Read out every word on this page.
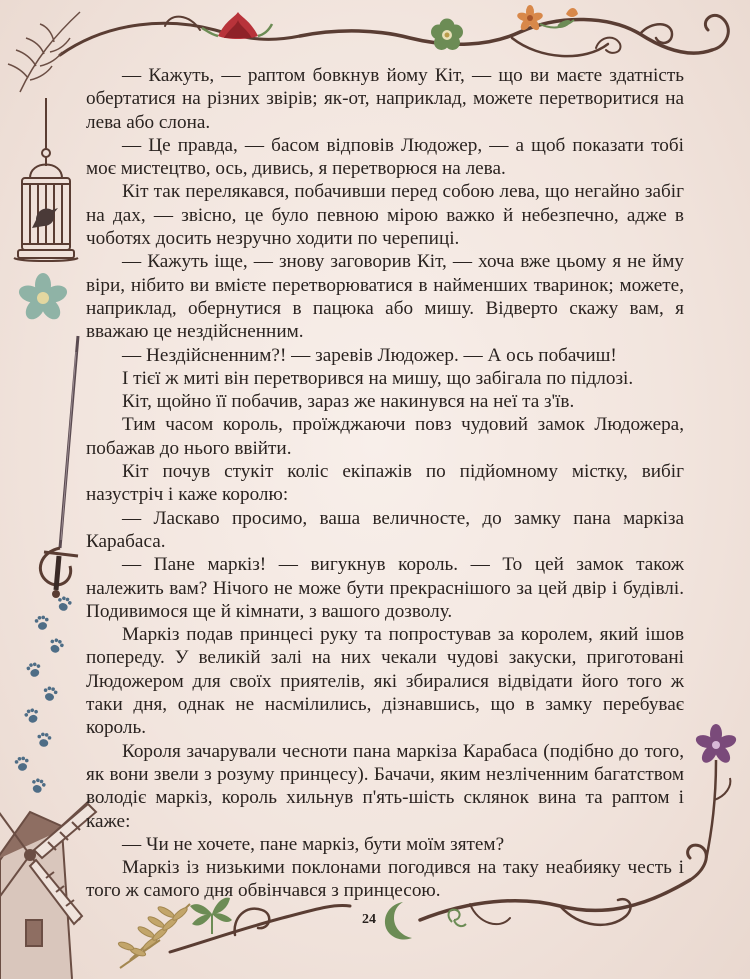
— Кажуть, — раптом бовкнув йому Кіт, — що ви маєте здатність обертатися на різних звірів; як-от, наприклад, можете перетворитися на лева або слона.

— Це правда, — басом відповів Людожер, — а щоб показати тобі моє мистецтво, ось, дивись, я перетворюся на лева.

Кіт так перелякався, побачивши перед собою лева, що негайно забіг на дах, — звісно, це було певною мірою важко й небезпечно, адже в чоботях досить незручно ходити по черепиці.

— Кажуть іще, — знову заговорив Кіт, — хоча вже цьому я не йму віри, нібито ви вмієте перетворюватися в найменших тваринок; можете, наприклад, обернутися в пацюка або мишу. Відверто скажу вам, я вважаю це нездійсненним.

— Нездійсненним?! — заревів Людожер. — А ось побачиш!

І тієї ж миті він перетворився на мишу, що забігала по підлозі.

Кіт, щойно її побачив, зараз же накинувся на неї та з'їв.

Тим часом король, проїжджаючи повз чудовий замок Людожера, побажав до нього ввійти.

Кіт почув стукіт коліс екіпажів по підйомному містку, вибіг назустріч і каже королю:

— Ласкаво просимо, ваша величносте, до замку пана маркіза Карабаса.

— Пане маркіз! — вигукнув король. — То цей замок також належить вам? Нічого не може бути прекраснішого за цей двір і будівлі. Подивимося ще й кімнати, з вашого дозволу.

Маркіз подав принцесі руку та попростував за королем, який ішов попереду. У великій залі на них чекали чудові закуски, приготовані Людожером для своїх приятелів, які збиралися відвідати його того ж таки дня, однак не насмілились, дізнавшись, що в замку перебуває король.

Короля зачарували чесноти пана маркіза Карабаса (подібно до того, як вони звели з розуму принцесу). Бачачи, яким незліченним багатством володіє маркіз, король хильнув п'ять-шість склянок вина та раптом і каже:

— Чи не хочете, пане маркіз, бути моїм зятем?

Маркіз із низькими поклонами погодився на таку неабияку честь і того ж самого дня обвінчався з принцесою.

24
